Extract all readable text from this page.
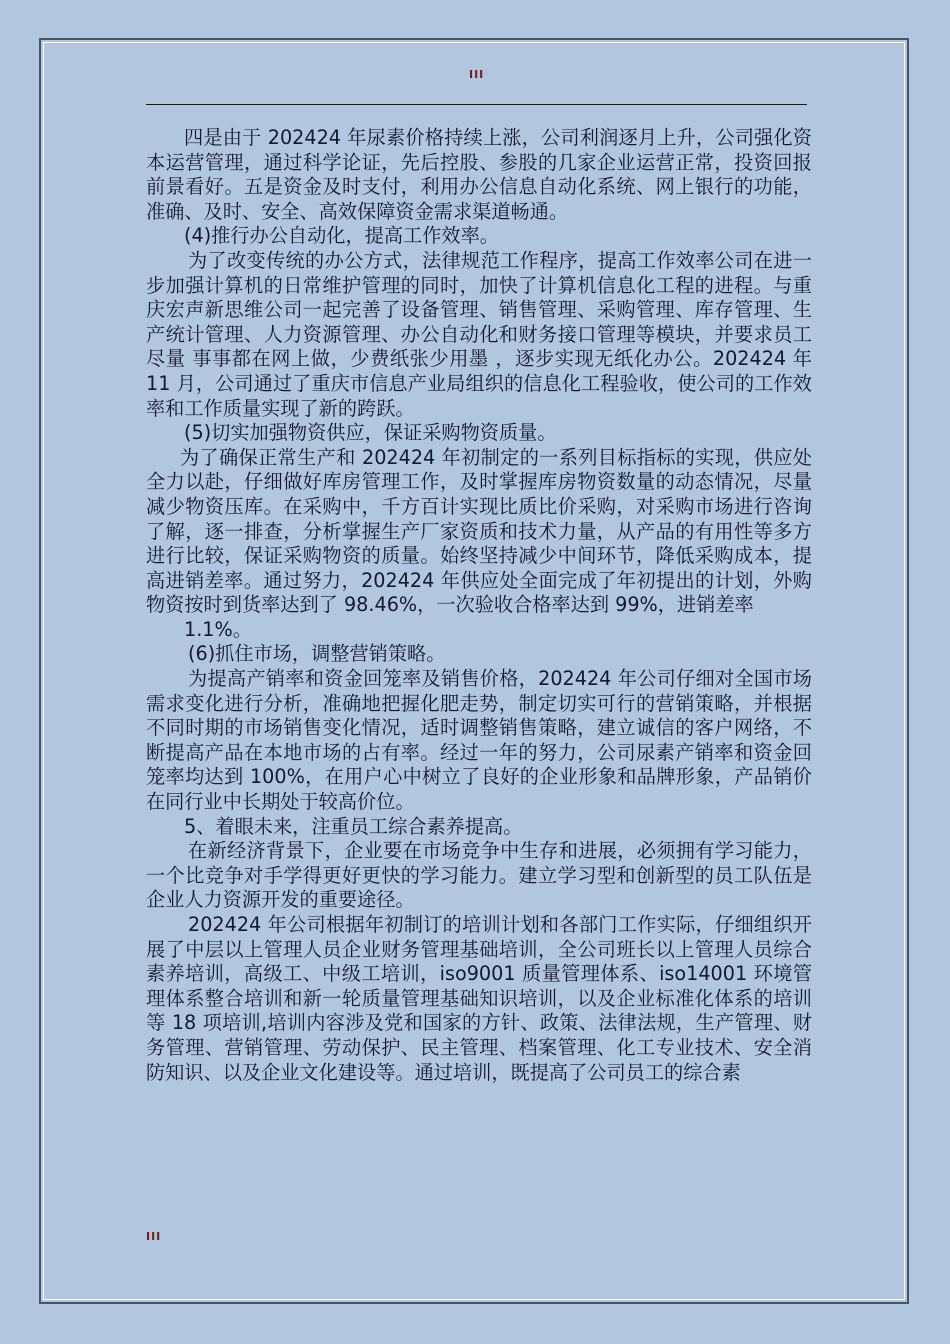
III

四是由于 202424 年尿素价格持续上涨，公司利润逐月上升，公司强化资本运营管理，通过科学论证，先后控股、参股的几家企业运营正常，投资回报前景看好。五是资金及时支付，利用办公信息自动化系统、网上银行的功能，准确、及时、安全、高效保障资金需求渠道畅通。

(4)推行办公自动化，提高工作效率。

为了改变传统的办公方式，法律规范工作程序，提高工作效率公司在进一步加强计算机的日常维护管理的同时，加快了计算机信息化工程的进程。与重庆宏声新思维公司一起完善了设备管理、销售管理、采购管理、库存管理、生产统计管理、人力资源管理、办公自动化和财务接口管理等模块，并要求员工尽量 事事都在网上做，少费纸张少用墨 ，逐步实现无纸化办公。202424 年 11 月，公司通过了重庆市信息产业局组织的信息化工程验收，使公司的工作效率和工作质量实现了新的跨跃。

(5)切实加强物资供应，保证采购物资质量。

为了确保正常生产和 202424 年初制定的一系列目标指标的实现，供应处全力以赴，仔细做好库房管理工作，及时掌握库房物资数量的动态情况，尽量减少物资压库。在采购中，千方百计实现比质比价采购，对采购市场进行咨询了解，逐一排查，分析掌握生产厂家资质和技术力量，从产品的有用性等多方进行比较，保证采购物资的质量。始终坚持减少中间环节，降低采购成本，提高进销差率。通过努力，202424 年供应处全面完成了年初提出的计划，外购物资按时到货率达到了 98.46%，一次验收合格率达到 99%，进销差率

1.1%。

(6)抓住市场，调整营销策略。

为提高产销率和资金回笼率及销售价格，202424 年公司仔细对全国市场需求变化进行分析，准确地把握化肥走势，制定切实可行的营销策略，并根据不同时期的市场销售变化情况，适时调整销售策略，建立诚信的客户网络，不断提高产品在本地市场的占有率。经过一年的努力，公司尿素产销率和资金回笼率均达到 100%，在用户心中树立了良好的企业形象和品牌形象，产品销价在同行业中长期处于较高价位。

5、着眼未来，注重员工综合素养提高。

在新经济背景下，企业要在市场竞争中生存和进展，必须拥有学习能力，一个比竞争对手学得更好更快的学习能力。建立学习型和创新型的员工队伍是企业人力资源开发的重要途径。

202424 年公司根据年初制订的培训计划和各部门工作实际，仔细组织开展了中层以上管理人员企业财务管理基础培训，全公司班长以上管理人员综合素养培训，高级工、中级工培训，iso9001 质量管理体系、iso14001 环境管理体系整合培训和新一轮质量管理基础知识培训，以及企业标准化体系的培训等 18 项培训,培训内容涉及党和国家的方针、政策、法律法规，生产管理、财务管理、营销管理、劳动保护、民主管理、档案管理、化工专业技术、安全消防知识、以及企业文化建设等。通过培训，既提高了公司员工的综合素

III
